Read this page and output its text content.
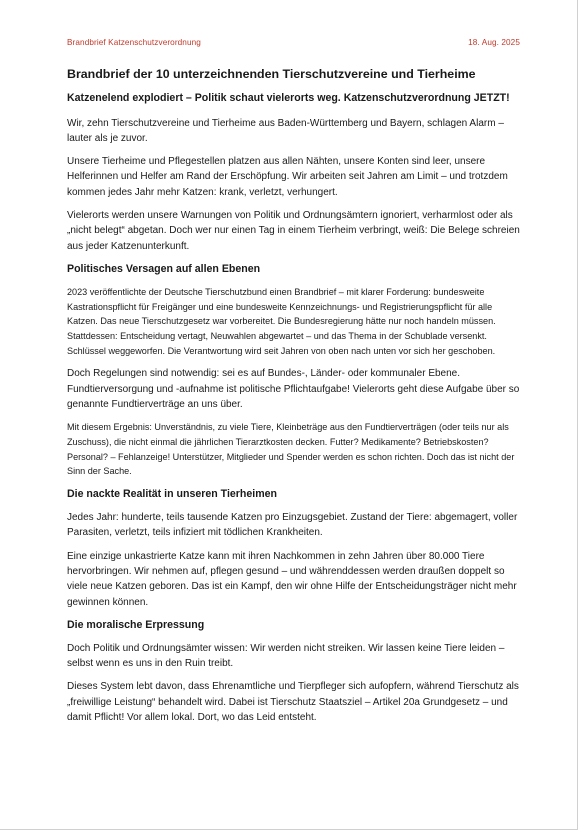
Brandbrief Katzenschutzverordnung	18. Aug. 2025
Brandbrief der 10 unterzeichnenden Tierschutzvereine und Tierheime
Katzenelend explodiert – Politik schaut vielerorts weg. Katzenschutzverordnung JETZT!

Wir, zehn Tierschutzvereine und Tierheime aus Baden-Württemberg und Bayern, schlagen Alarm – lauter als je zuvor.

Unsere Tierheime und Pflegestellen platzen aus allen Nähten, unsere Konten sind leer, unsere Helferinnen und Helfer am Rand der Erschöpfung. Wir arbeiten seit Jahren am Limit – und trotzdem kommen jedes Jahr mehr Katzen: krank, verletzt, verhungert.

Vielerorts werden unsere Warnungen von Politik und Ordnungsämtern ignoriert, verharmlost oder als „nicht belegt“ abgetan. Doch wer nur einen Tag in einem Tierheim verbringt, weiß: Die Belege schreien aus jeder Katzenunterkunft.

Politisches Versagen auf allen Ebenen

2023 veröffentlichte der Deutsche Tierschutzbund einen Brandbrief – mit klarer Forderung: bundesweite Kastrationspflicht für Freigänger und eine bundesweite Kennzeichnungs- und Registrierungspflicht für alle Katzen. Das neue Tierschutzgesetz war vorbereitet. Die Bundesregierung hätte nur noch handeln müssen. Stattdessen: Entscheidung vertagt, Neuwahlen abgewartet – und das Thema in der Schublade versenkt. Schlüssel weggeworfen. Die Verantwortung wird seit Jahren von oben nach unten vor sich her geschoben.

Doch Regelungen sind notwendig: sei es auf Bundes-, Länder- oder kommunaler Ebene. Fundtierversorgung und -aufnahme ist politische Pflichtaufgabe! Vielerorts geht diese Aufgabe über so genannte Fundtierverträge an uns über.

Mit diesem Ergebnis: Unverständnis, zu viele Tiere, Kleinbeträge aus den Fundtierverträgen (oder teils nur als Zuschuss), die nicht einmal die jährlichen Tierarztkosten decken. Futter? Medikamente? Betriebskosten? Personal? – Fehlanzeige! Unterstützer, Mitglieder und Spender werden es schon richten. Doch das ist nicht der Sinn der Sache.

Die nackte Realität in unseren Tierheimen

Jedes Jahr: hunderte, teils tausende Katzen pro Einzugsgebiet. Zustand der Tiere: abgemagert, voller Parasiten, verletzt, teils infiziert mit tödlichen Krankheiten.

Eine einzige unkastrierte Katze kann mit ihren Nachkommen in zehn Jahren über 80.000 Tiere hervorbringen. Wir nehmen auf, pflegen gesund – und währenddessen werden draußen doppelt so viele neue Katzen geboren. Das ist ein Kampf, den wir ohne Hilfe der Entscheidungsträger nicht mehr gewinnen können.

Die moralische Erpressung

Doch Politik und Ordnungsämter wissen: Wir werden nicht streiken. Wir lassen keine Tiere leiden – selbst wenn es uns in den Ruin treibt.

Dieses System lebt davon, dass Ehrenamtliche und Tierpfleger sich aufopfern, während Tierschutz als „freiwillige Leistung“ behandelt wird. Dabei ist Tierschutz Staatsziel – Artikel 20a Grundgesetz – und damit Pflicht! Vor allem lokal. Dort, wo das Leid entsteht.
